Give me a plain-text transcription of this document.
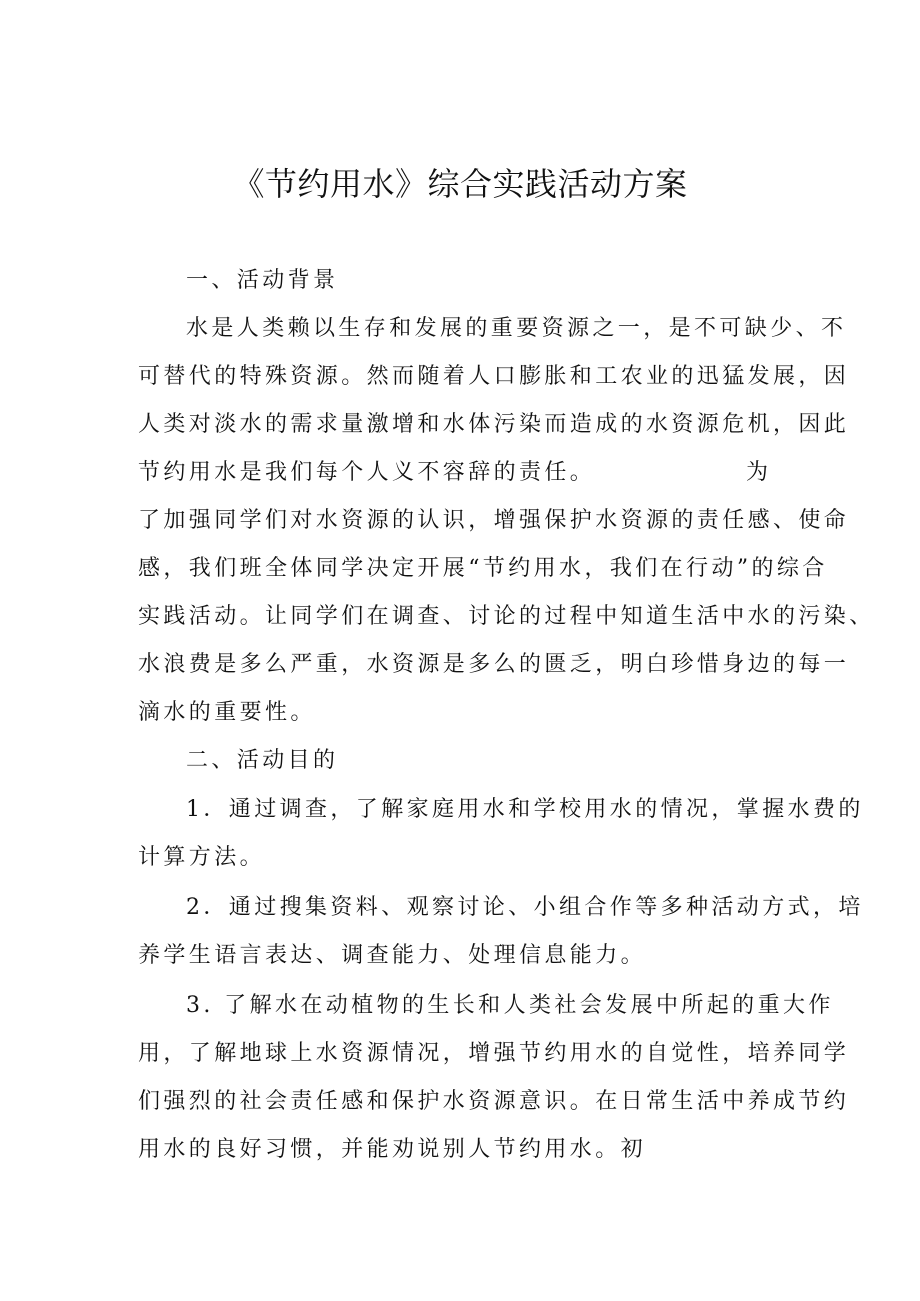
《节约用水》综合实践活动方案
一、活动背景
水是人类赖以生存和发展的重要资源之一，是不可缺少、不
可替代的特殊资源。然而随着人口膨胀和工农业的迅猛发展，因
人类对淡水的需求量激增和水体污染而造成的水资源危机，因此
节约用水是我们每个人义不容辞的责任。	为
了加强同学们对水资源的认识，增强保护水资源的责任感、使命
感，我们班全体同学决定开展“节约用水，我们在行动”的综合
实践活动。让同学们在调查、讨论的过程中知道生活中水的污染、
水浪费是多么严重，水资源是多么的匮乏，明白珍惜身边的每一
滴水的重要性。
二、活动目的
1．通过调查，了解家庭用水和学校用水的情况，掌握水费的
计算方法。
2．通过搜集资料、观察讨论、小组合作等多种活动方式，培
养学生语言表达、调查能力、处理信息能力。
3. 了解水在动植物的生长和人类社会发展中所起的重大作
用，了解地球上水资源情况，增强节约用水的自觉性，培养同学
们强烈的社会责任感和保护水资源意识。在日常生活中养成节约
用水的良好习惯，并能劝说别人节约用水。初
